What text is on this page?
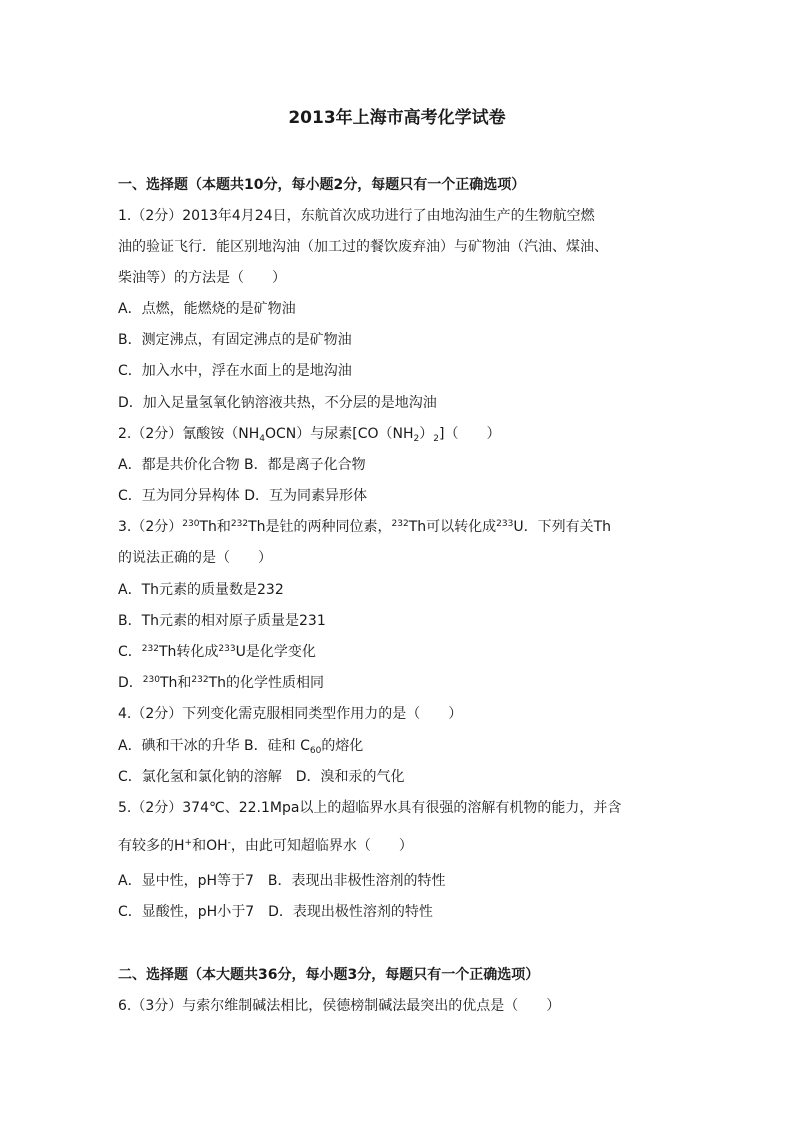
2013年上海市高考化学试卷
一、选择题（本题共10分，每小题2分，每题只有一个正确选项）
1.（2分）2013年4月24日，东航首次成功进行了由地沟油生产的生物航空燃
油的验证飞行．能区别地沟油（加工过的餐饮废弃油）与矿物油（汽油、煤油、
柴油等）的方法是（　　）
A．点燃，能燃烧的是矿物油
B．测定沸点，有固定沸点的是矿物油
C．加入水中，浮在水面上的是地沟油
D．加入足量氢氧化钠溶液共热，不分层的是地沟油
2.（2分）氰酸铵$(NH_4OCN)$与尿素$[CO(NH_2)_2]$（　　）
A．都是共价化合物 B．都是离子化合物
C．互为同分异构体 D．互为同素异形体
3.（2分）$^{230}$Th和$^{232}$Th是钍的两种同位素，$^{232}$Th可以转化成$^{233}$U．下列有关Th
的说法正确的是（　　）
A．Th元素的质量数是232
B．Th元素的相对原子质量是231
C．$^{232}$Th转化成$^{233}$U是化学变化
D．$^{230}$Th和$^{232}$Th的化学性质相同
4.（2分）下列变化需克服相同类型作用力的是（　　）
A．碘和干冰的升华 B．硅和 $C_{60}$的熔化
C．氯化氢和氯化钠的溶解　D．溴和汞的气化
5.（2分）374℃、22.1Mpa以上的超临界水具有很强的溶解有机物的能力，并含
有较多的H+和OH-，由此可知超临界水（　　）
A．显中性，pH等于7　B．表现出非极性溶剂的特性
C．显酸性，pH小于7　D．表现出极性溶剂的特性
二、选择题（本大题共36分，每小题3分，每题只有一个正确选项）
6.（3分）与索尔维制碱法相比，侯德榜制碱法最突出的优点是（　　）
